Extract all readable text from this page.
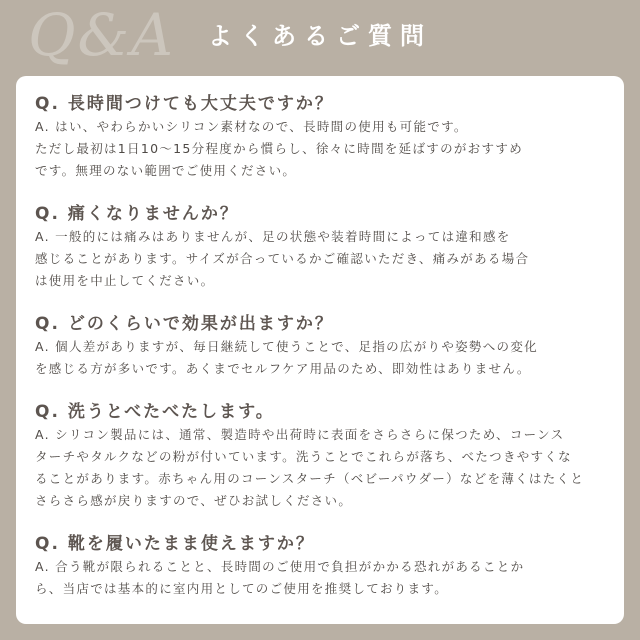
Q&A	よくあるご質問
Q. 長時間つけても大丈夫ですか？
A. はい、やわらかいシリコン素材なので、長時間の使用も可能です。
ただし最初は1日10〜15分程度から慣らし、徐々に時間を延ばすのがおすすめ
です。無理のない範囲でご使用ください。
Q. 痛くなりませんか？
A. 一般的には痛みはありませんが、足の状態や装着時間によっては違和感を
感じることがあります。サイズが合っているかご確認いただき、痛みがある場合
は使用を中止してください。
Q. どのくらいで効果が出ますか？
A. 個人差がありますが、毎日継続して使うことで、足指の広がりや姿勢への変化
を感じる方が多いです。あくまでセルフケア用品のため、即効性はありません。
Q. 洗うとべたべたします。
A. シリコン製品には、通常、製造時や出荷時に表面をさらさらに保つため、コーンス
ターチやタルクなどの粉が付いています。洗うことでこれらが落ち、べたつきやすくな
ることがあります。赤ちゃん用のコーンスターチ（ベビーパウダー）などを薄くはたくと
さらさら感が戻りますので、ぜひお試しください。
Q. 靴を履いたまま使えますか？
A. 合う靴が限られることと、長時間のご使用で負担がかかる恐れがあることか
ら、当店では基本的に室内用としてのご使用を推奨しております。
